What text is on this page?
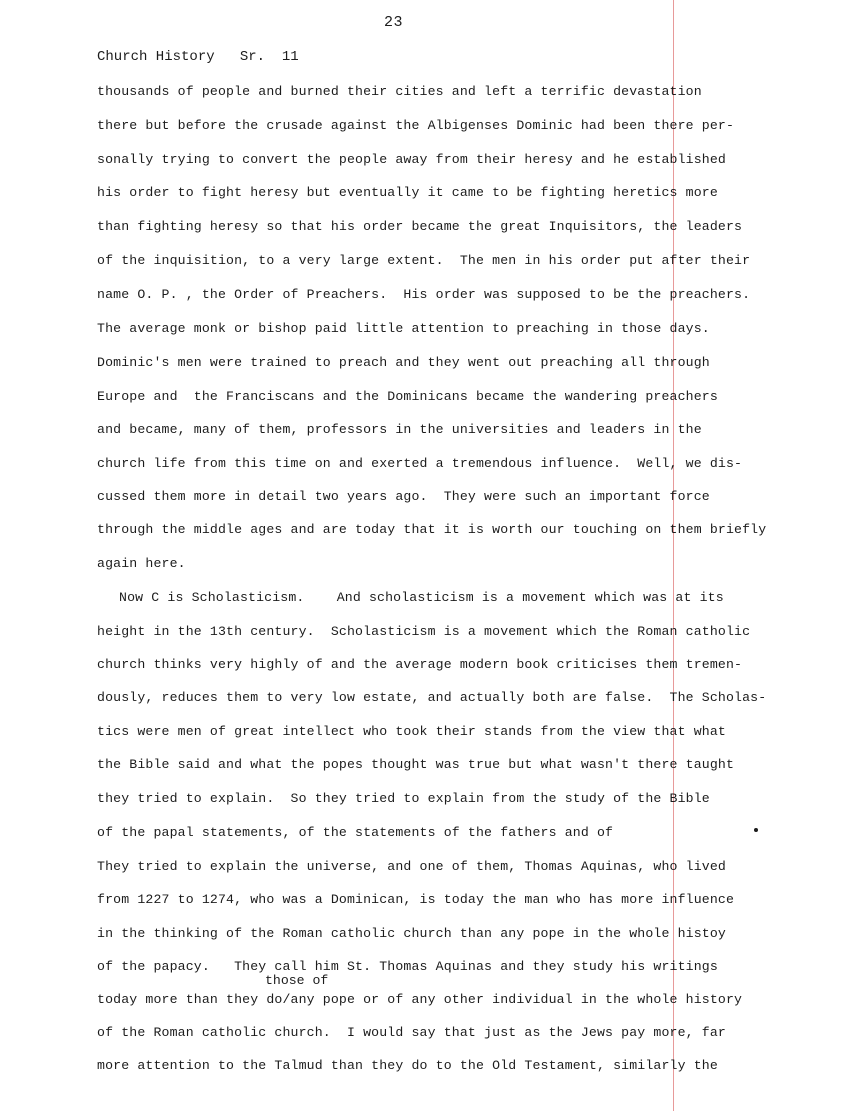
23
Church History   Sr.  11
thousands of people and burned their cities and left a terrific devastation
there but before the crusade against the Albigenses Dominic had been there per-
sonally trying to convert the people away from their heresy and he established
his order to fight heresy but eventually it came to be fighting heretics more
than fighting heresy so that his order became the great Inquisitors, the leaders
of the inquisition, to a very large extent.  The men in his order put after their
name O. P. , the Order of Preachers.  His order was supposed to be the preachers.
The average monk or bishop paid little attention to preaching in those days.
Dominic's men were trained to preach and they went out preaching all through
Europe and  the Franciscans and the Dominicans became the wandering preachers
and became, many of them, professors in the universities and leaders in the
church life from this time on and exerted a tremendous influence.  Well, we dis-
cussed them more in detail two years ago.  They were such an important force
through the middle ages and are today that it is worth our touching on them briefly
again here.
Now C is Scholasticism.    And scholasticism is a movement which was at its
height in the 13th century.  Scholasticism is a movement which the Roman catholic
church thinks very highly of and the average modern book criticises them tremen-
dously, reduces them to very low estate, and actually both are false.  The Scholas-
tics were men of great intellect who took their stands from the view that what
the Bible said and what the popes thought was true but what wasn't there taught
they tried to explain.  So they tried to explain from the study of the Bible
of the papal statements, of the statements of the fathers and of
They tried to explain the universe, and one of them, Thomas Aquinas, who lived
from 1227 to 1274, who was a Dominican, is today the man who has more influence
in the thinking of the Roman catholic church than any pope in the whole histoy
of the papacy.   They call him St. Thomas Aquinas and they study his writings
today more than they do/any pope or of any other individual in the whole history
of the Roman catholic church.  I would say that just as the Jews pay more, far
more attention to the Talmud than they do to the Old Testament, similarly the
those of
